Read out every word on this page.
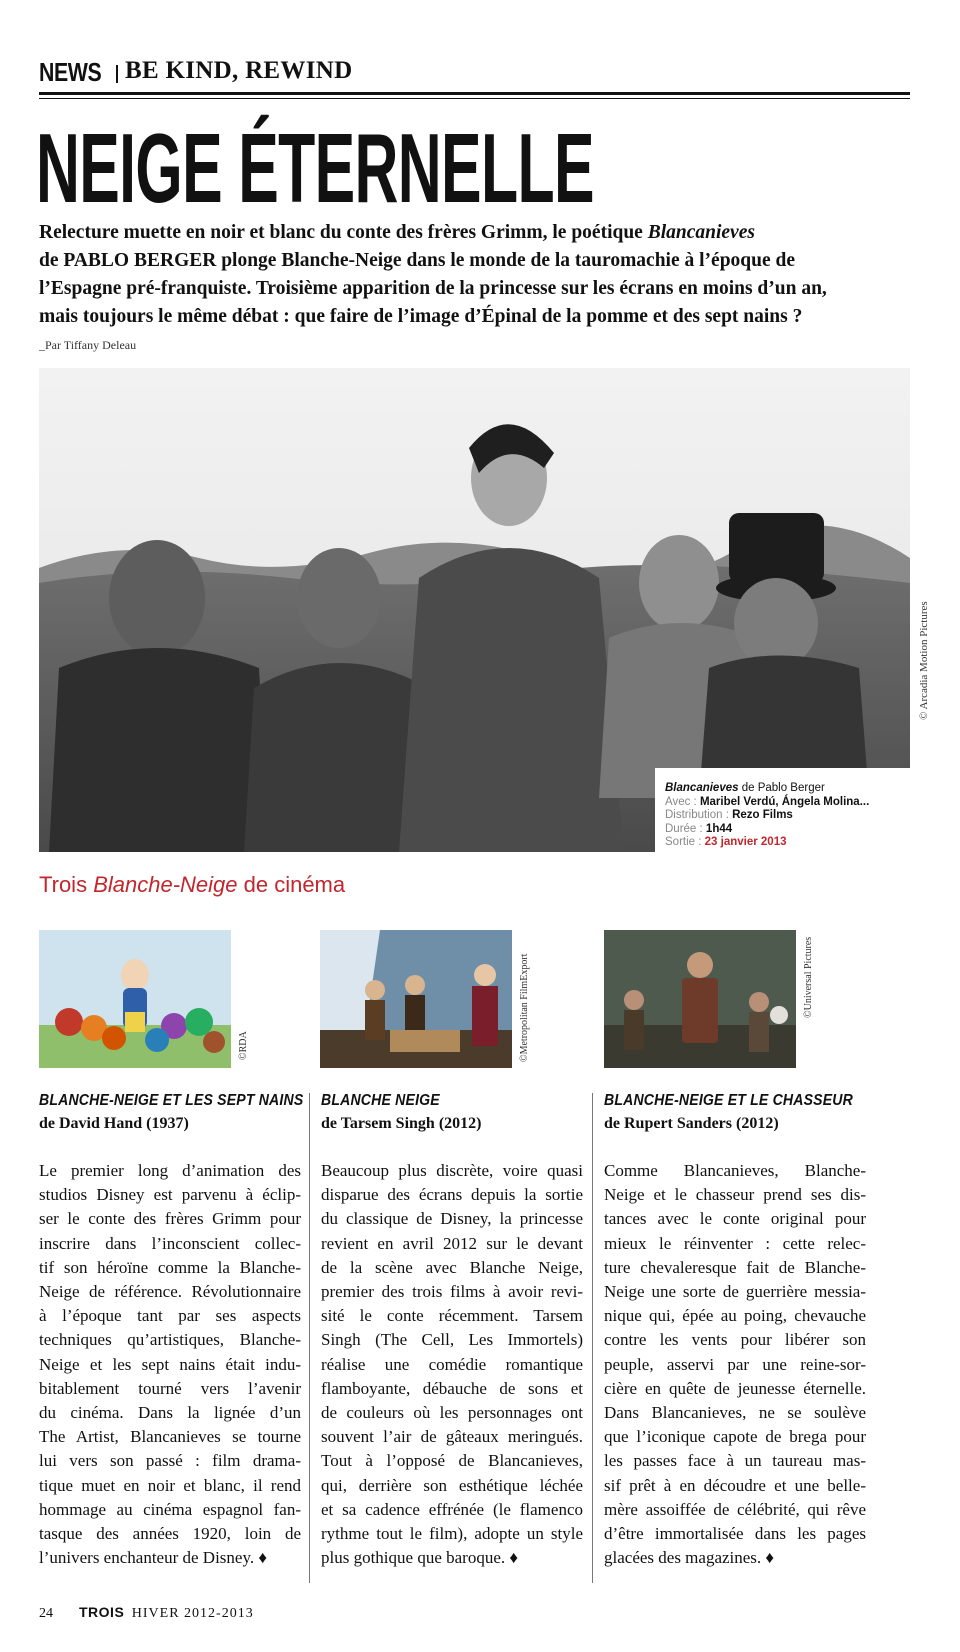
NEWS BE KIND, REWIND
NEIGE ÉTERNELLE
Relecture muette en noir et blanc du conte des frères Grimm, le poétique Blancanieves
de PABLO BERGER plonge Blanche-Neige dans le monde de la tauromachie à l’époque de
l’Espagne pré-franquiste. Troisième apparition de la princesse sur les écrans en moins d’un an,
mais toujours le même débat : que faire de l’image d’Épinal de la pomme et des sept nains ?
_Par Tiffany Deleau
© Arcadia Motion Pictures
Blancanieves de Pablo Berger
Avec : Maribel Verdú, Ángela Molina...
Distribution : Rezo Films
Durée : 1h44
Sortie : 23 janvier 2013
Trois Blanche-Neige de cinéma
©RDA	©Metropolitan FilmExport	©Universal Pictures
BLANCHE-NEIGE ET LES SEPT NAINS
de David Hand (1937)
Le premier long d’animation des
studios Disney est parvenu à éclip-
ser le conte des frères Grimm pour
inscrire dans l’inconscient collec-
tif son héroïne comme la Blanche-
Neige de référence. Révolutionnaire
à l’époque tant par ses aspects
techniques qu’artistiques, Blanche-
Neige et les sept nains était indu-
bitablement tourné vers l’avenir
du cinéma. Dans la lignée d’un
The Artist, Blancanieves se tourne
lui vers son passé : film drama-
tique muet en noir et blanc, il rend
hommage au cinéma espagnol fan-
tasque des années 1920, loin de
l’univers enchanteur de Disney. ♦
BLANCHE NEIGE
de Tarsem Singh (2012)
Beaucoup plus discrète, voire quasi
disparue des écrans depuis la sortie
du classique de Disney, la princesse
revient en avril 2012 sur le devant
de la scène avec Blanche Neige,
premier des trois films à avoir revi-
sité le conte récemment. Tarsem
Singh (The Cell, Les Immortels)
réalise une comédie romantique
flamboyante, débauche de sons et
de couleurs où les personnages ont
souvent l’air de gâteaux meringués.
Tout à l’opposé de Blancanieves,
qui, derrière son esthétique léchée
et sa cadence effrénée (le flamenco
rythme tout le film), adopte un style
plus gothique que baroque. ♦
BLANCHE-NEIGE ET LE CHASSEUR
de Rupert Sanders (2012)
Comme Blancanieves, Blanche-
Neige et le chasseur prend ses dis-
tances avec le conte original pour
mieux le réinventer : cette relec-
ture chevaleresque fait de Blanche-
Neige une sorte de guerrière messia-
nique qui, épée au poing, chevauche
contre les vents pour libérer son
peuple, asservi par une reine-sor-
cière en quête de jeunesse éternelle.
Dans Blancanieves, ne se soulève
que l’iconique capote de brega pour
les passes face à un taureau mas-
sif prêt à en découdre et une belle-
mère assoiffée de célébrité, qui rêve
d’être immortalisée dans les pages
glacées des magazines. ♦
24 TROIS HIVER 2012-2013
